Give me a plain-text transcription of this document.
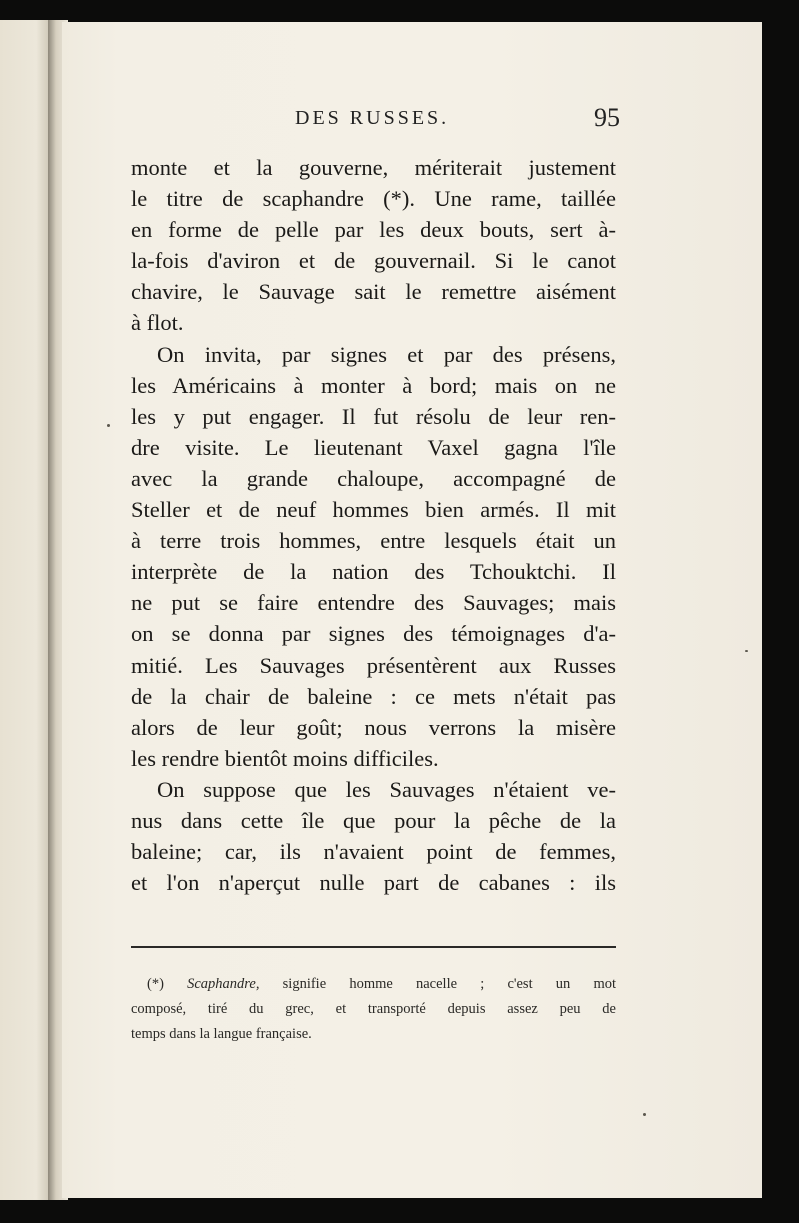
DES RUSSES.	95
monte et la gouverne, mériterait justement
le titre de scaphandre (*). Une rame, taillée
en forme de pelle par les deux bouts, sert à-
la-fois d'aviron et de gouvernail. Si le canot
chavire, le Sauvage sait le remettre aisément
à flot.
On invita, par signes et par des présens,
les Américains à monter à bord; mais on ne
les y put engager. Il fut résolu de leur ren-
dre visite. Le lieutenant Vaxel gagna l'île
avec la grande chaloupe, accompagné de
Steller et de neuf hommes bien armés. Il mit
à terre trois hommes, entre lesquels était un
interprète de la nation des Tchouktchi. Il
ne put se faire entendre des Sauvages; mais
on se donna par signes des témoignages d'a-
mitié. Les Sauvages présentèrent aux Russes
de la chair de baleine : ce mets n'était pas
alors de leur goût; nous verrons la misère
les rendre bientôt moins difficiles.
On suppose que les Sauvages n'étaient ve-
nus dans cette île que pour la pêche de la
baleine; car, ils n'avaient point de femmes,
et l'on n'aperçut nulle part de cabanes : ils
(*) Scaphandre, signifie homme nacelle ; c'est un mot
composé, tiré du grec, et transporté depuis assez peu de
temps dans la langue française.
